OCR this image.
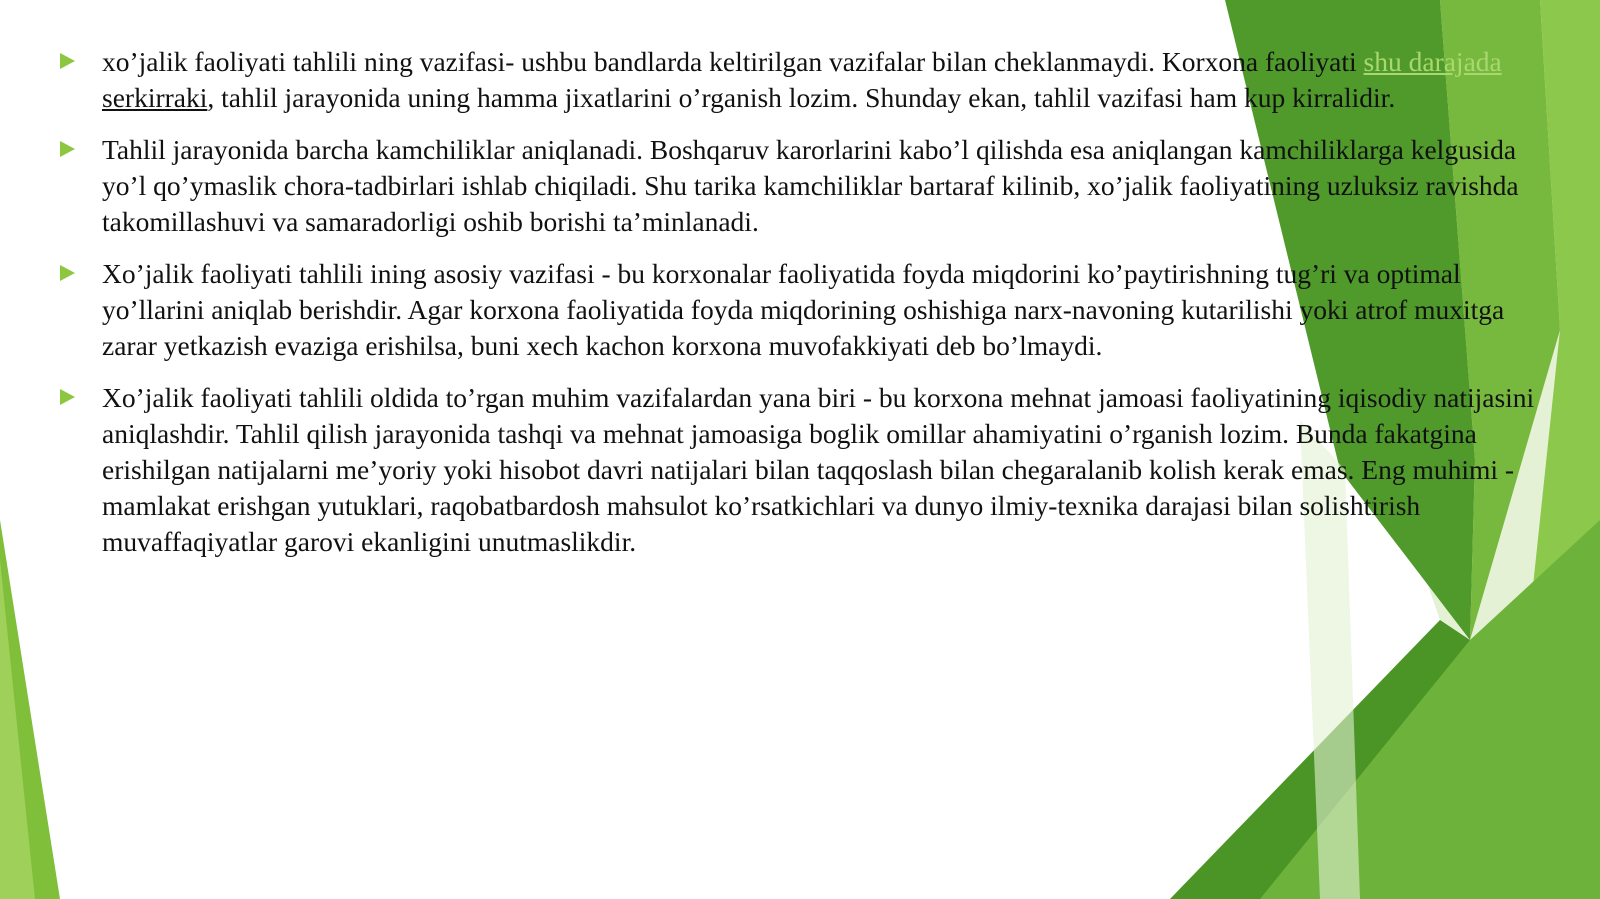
xo’jalik faoliyati tahlili ning vazifasi- ushbu bandlarda keltirilgan vazifalar bilan cheklanmaydi. Korxona faoliyati shu darajada serkirraki, tahlil jarayonida uning hamma jixatlarini o’rganish lozim. Shunday ekan, tahlil vazifasi ham kup kirralidir.
Tahlil jarayonida barcha kamchiliklar aniqlanadi. Boshqaruv karorlarini kabo’l qilishda esa aniqlangan kamchiliklarga kelgusida yo’l qo’ymaslik chora-tadbirlari ishlab chiqiladi. Shu tarika kamchiliklar bartaraf kilinib, xo’jalik faoliyatining uzluksiz ravishda takomillashuvi va samaradorligi oshib borishi ta’minlanadi.
Xo’jalik faoliyati tahlili ining asosiy vazifasi - bu korxonalar faoliyatida foyda miqdorini ko’paytirishning tug’ri va optimal yo’llarini aniqlab berishdir. Agar korxona faoliyatida foyda miqdorining oshishiga narx-navoning kutarilishi yoki atrof muxitga zarar yetkazish evaziga erishilsa, buni xech kachon korxona muvofakkiyati deb bo’lmaydi.
Xo’jalik faoliyati tahlili oldida to’rgan muhim vazifalardan yana biri - bu korxona mehnat jamoasi faoliyatining iqisodiy natijasini aniqlashdir. Tahlil qilish jarayonida tashqi va mehnat jamoasiga boglik omillar ahamiyatini o’rganish lozim. Bunda fakatgina erishilgan natijalarni me’yoriy yoki hisobot davri natijalari bilan taqqoslash bilan chegaralanib kolish kerak emas. Eng muhimi - mamlakat erishgan yutuklari, raqobatbardosh mahsulot ko’rsatkichlari va dunyo ilmiy-texnika darajasi bilan solishtirish muvaffaqiyatlar garovi ekanligini unutmaslikdir.
